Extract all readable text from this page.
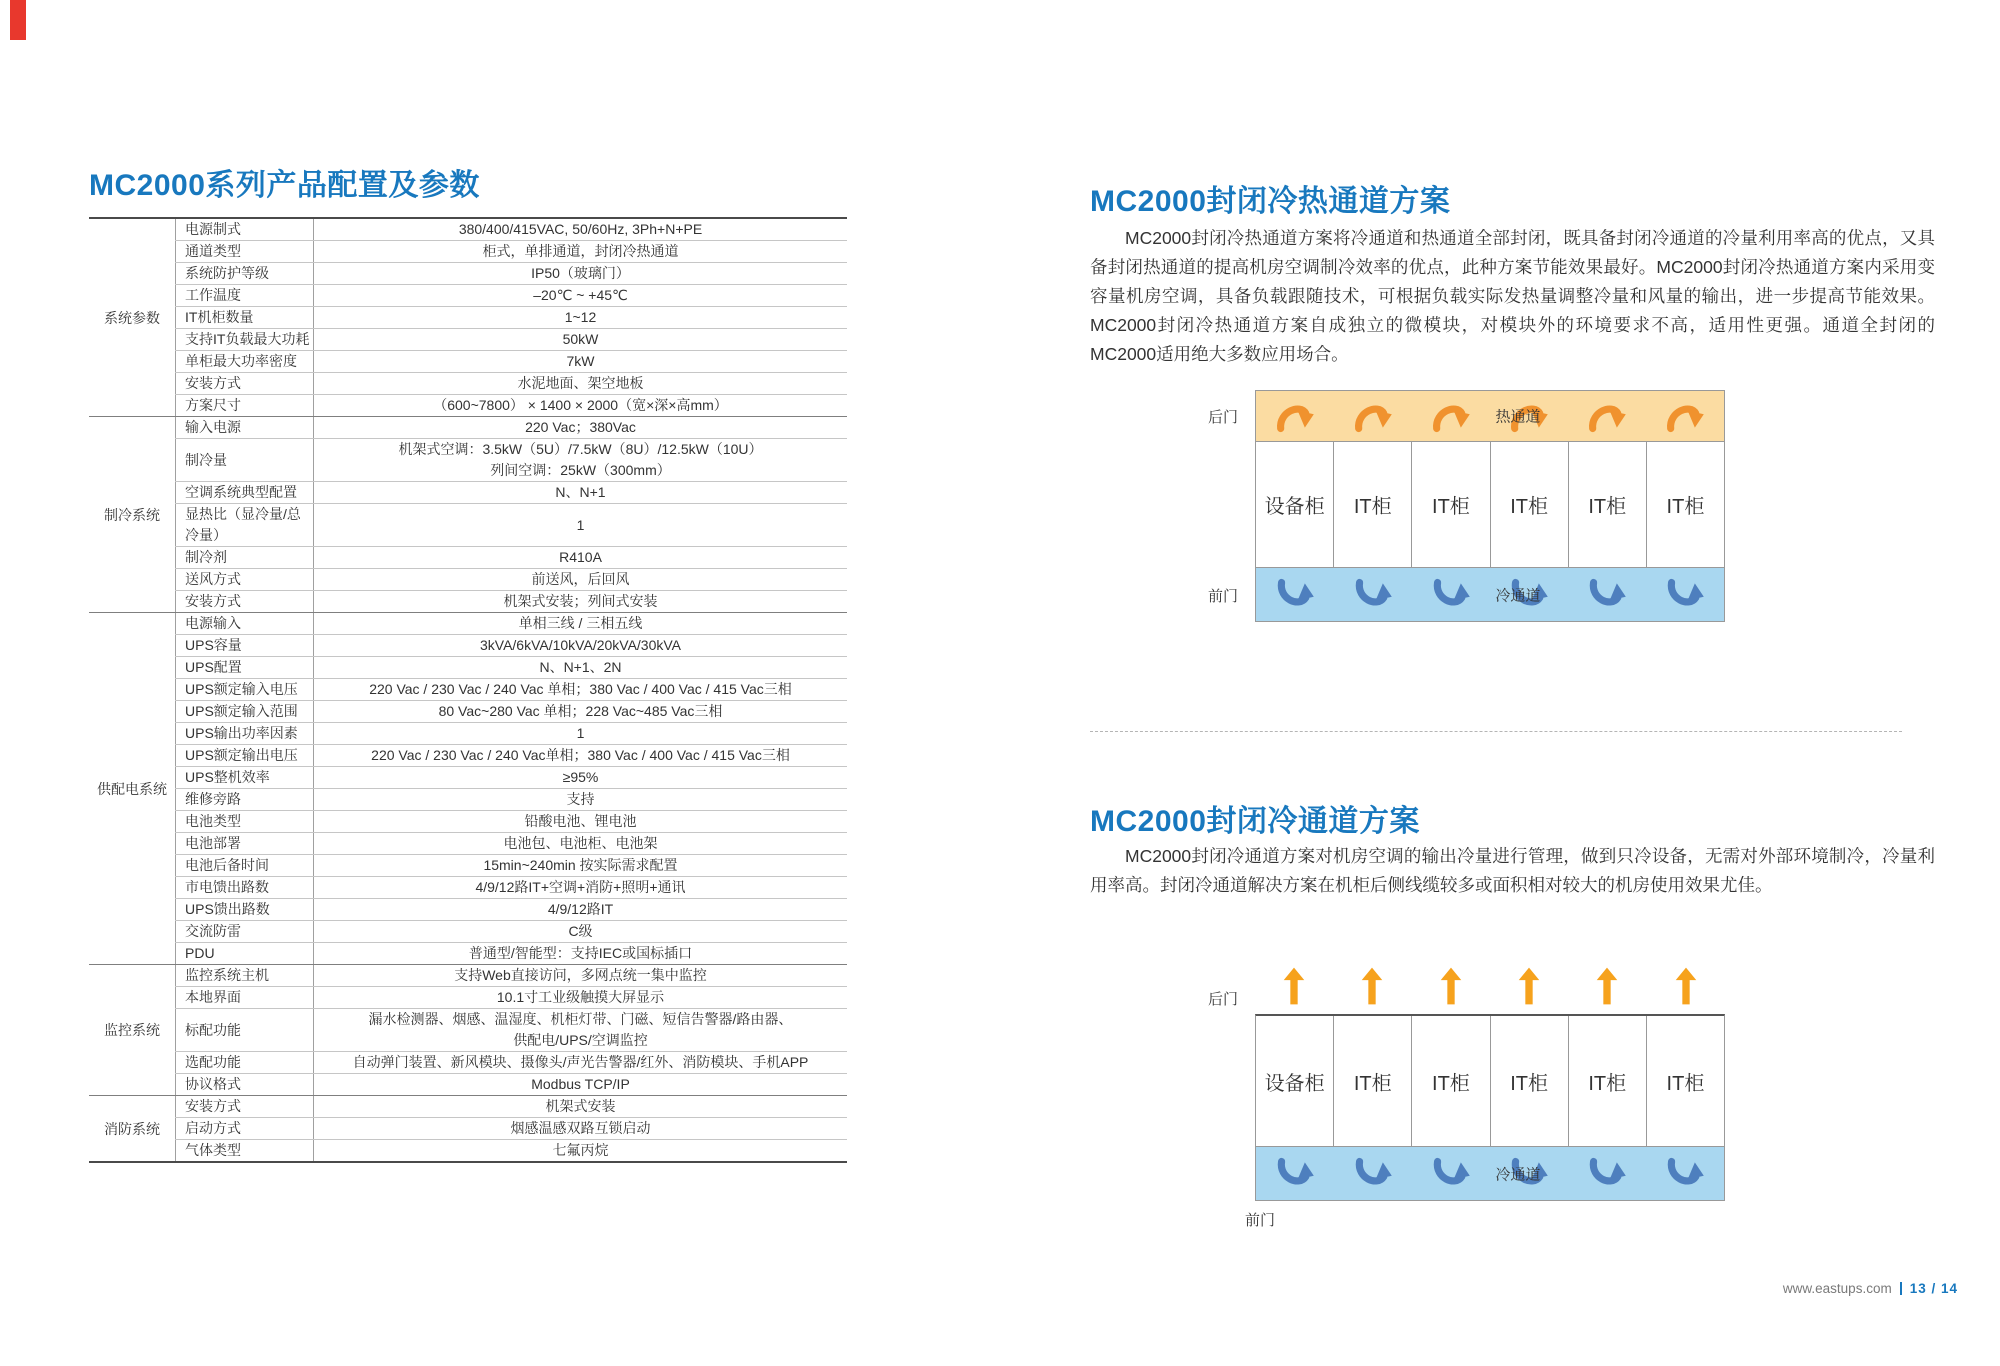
MC2000系列产品配置及参数
系统参数	电源制式	380/400/415VAC, 50/60Hz, 3Ph+N+PE

	通道类型	柜式，单排通道，封闭冷热通道

	系统防护等级	IP50（玻璃门）

	工作温度	–20℃ ~ +45℃

	IT机柜数量	1~12

	支持IT负载最大功耗	50kW

	单柜最大功率密度	7kW

	安装方式	水泥地面、架空地板

	方案尺寸	（600~7800） × 1400 × 2000（宽×深×高mm）

制冷系统	输入电源	220 Vac；380Vac

	制冷量	机架式空调：3.5kW（5U）/7.5kW（8U）/12.5kW（10U）
列间空调：25kW（300mm）

	空调系统典型配置	N、N+1

	显热比（显冷量/总冷量）	1

	制冷剂	R410A

	送风方式	前送风，后回风

	安装方式	机架式安装；列间式安装

供配电系统	电源输入	单相三线 / 三相五线

	UPS容量	3kVA/6kVA/10kVA/20kVA/30kVA

	UPS配置	N、N+1、2N

	UPS额定输入电压	220 Vac / 230 Vac / 240 Vac 单相；380 Vac / 400 Vac / 415 Vac三相

	UPS额定输入范围	80 Vac~280 Vac 单相；228 Vac~485 Vac三相

	UPS输出功率因素	1

	UPS额定输出电压	220 Vac / 230 Vac / 240 Vac单相；380 Vac / 400 Vac / 415 Vac三相

	UPS整机效率	≥95%

	维修旁路	支持

	电池类型	铅酸电池、锂电池

	电池部署	电池包、电池柜、电池架

	电池后备时间	15min~240min 按实际需求配置

	市电馈出路数	4/9/12路IT+空调+消防+照明+通讯

	UPS馈出路数	4/9/12路IT

	交流防雷	C级

	PDU	普通型/智能型：支持IEC或国标插口

监控系统	监控系统主机	支持Web直接访问，多网点统一集中监控

	本地界面	10.1寸工业级触摸大屏显示

	标配功能	漏水检测器、烟感、温湿度、机柜灯带、门磁、短信告警器/路由器、
供配电/UPS/空调监控

	选配功能	自动弹门装置、新风模块、摄像头/声光告警器/红外、消防模块、手机APP

	协议格式	Modbus TCP/IP

消防系统	安装方式	机架式安装

	启动方式	烟感温感双路互锁启动

	气体类型	七氟丙烷
MC2000封闭冷热通道方案

MC2000封闭冷热通道方案将冷通道和热通道全部封闭，既具备封闭冷通道的冷量利用率高的优点，又具备封闭热通道的提高机房空调制冷效率的优点，此种方案节能效果最好。MC2000封闭冷热通道方案内采用变容量机房空调，具备负载跟随技术，可根据负载实际发热量调整冷量和风量的输出，进一步提高节能效果。MC2000封闭冷热通道方案自成独立的微模块，对模块外的环境要求不高，适用性更强。通道全封闭的MC2000适用绝大多数应用场合。

后门
前门
热通道
设备柜	IT柜	IT柜	IT柜	IT柜	IT柜
冷通道
MC2000封闭冷通道方案

MC2000封闭冷通道方案对机房空调的输出冷量进行管理，做到只冷设备，无需对外部环境制冷，冷量利用率高。封闭冷通道解决方案在机柜后侧线缆较多或面积相对较大的机房使用效果尤佳。

后门
前门
设备柜	IT柜	IT柜	IT柜	IT柜	IT柜
冷通道
www.eastups.com 13 / 14
